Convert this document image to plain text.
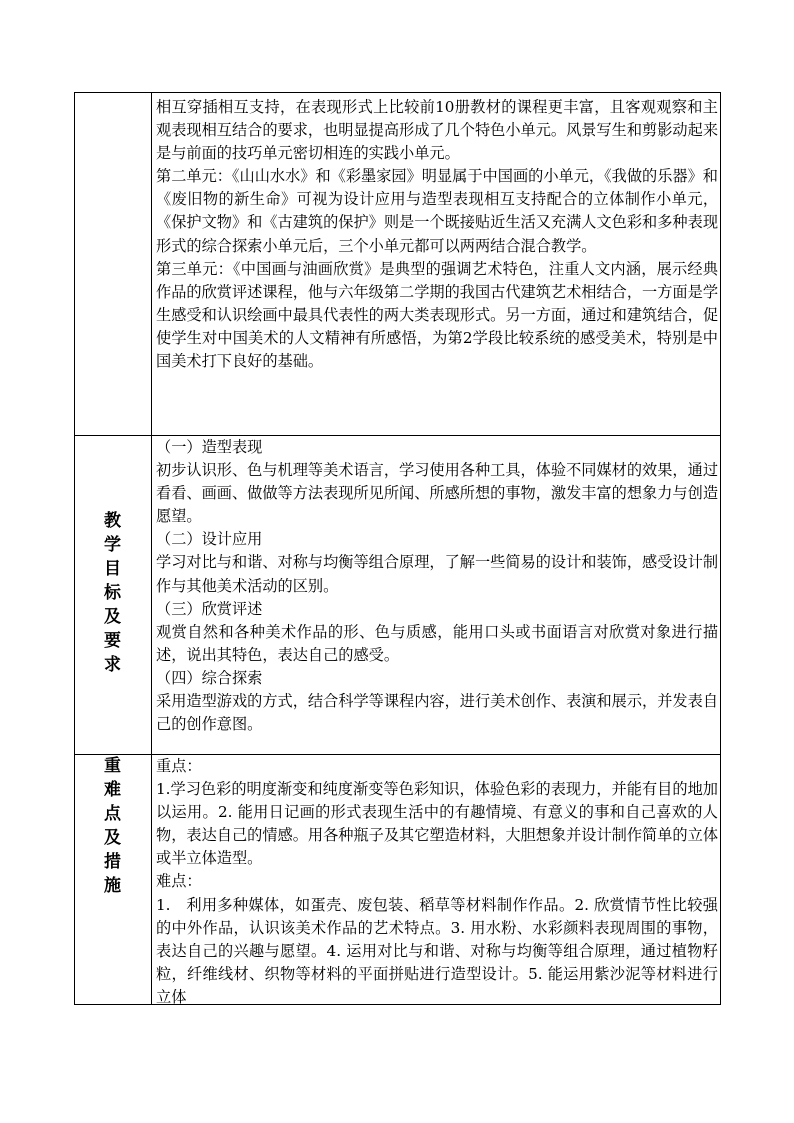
相互穿插相互支持，在表现形式上比较前10册教材的课程更丰富，且客观观察和主观表现相互结合的要求，也明显提高形成了几个特色小单元。风景写生和剪影动起来是与前面的技巧单元密切相连的实践小单元。

第二单元：《山山水水》和《彩墨家园》明显属于中国画的小单元，《我做的乐器》和《废旧物的新生命》可视为设计应用与造型表现相互支持配合的立体制作小单元，《保护文物》和《古建筑的保护》则是一个既接贴近生活又充满人文色彩和多种表现形式的综合探索小单元后，三个小单元都可以两两结合混合教学。

第三单元：《中国画与油画欣赏》是典型的强调艺术特色，注重人文内涵，展示经典作品的欣赏评述课程，他与六年级第二学期的我国古代建筑艺术相结合，一方面是学生感受和认识绘画中最具代表性的两大类表现形式。另一方面，通过和建筑结合，促使学生对中国美术的人文精神有所感悟，为第2学段比较系统的感受美术，特别是中国美术打下良好的基础。

教
学
目
标
及
要
求

（一）造型表现

初步认识形、色与机理等美术语言，学习使用各种工具，体验不同媒材的效果，通过看看、画画、做做等方法表现所见所闻、所感所想的事物，激发丰富的想象力与创造愿望。

（二）设计应用

学习对比与和谐、对称与均衡等组合原理，了解一些简易的设计和装饰，感受设计制作与其他美术活动的区别。

（三）欣赏评述

观赏自然和各种美术作品的形、色与质感，能用口头或书面语言对欣赏对象进行描述，说出其特色，表达自己的感受。

（四）综合探索

采用造型游戏的方式，结合科学等课程内容，进行美术创作、表演和展示，并发表自己的创作意图。

重
难
点
及
措
施

重点：

1.学习色彩的明度渐变和纯度渐变等色彩知识，体验色彩的表现力，并能有目的地加以运用。2. 能用日记画的形式表现生活中的有趣情境、有意义的事和自己喜欢的人物，表达自己的情感。用各种瓶子及其它塑造材料，大胆想象并设计制作简单的立体或半立体造型。

难点：

1.　利用多种媒体，如蛋壳、废包装、稻草等材料制作作品。2. 欣赏情节性比较强的中外作品，认识该美术作品的艺术特点。3. 用水粉、水彩颜料表现周围的事物，表达自己的兴趣与愿望。4. 运用对比与和谐、对称与均衡等组合原理，通过植物籽粒，纤维线材、织物等材料的平面拼贴进行造型设计。5. 能运用紫沙泥等材料进行立体
